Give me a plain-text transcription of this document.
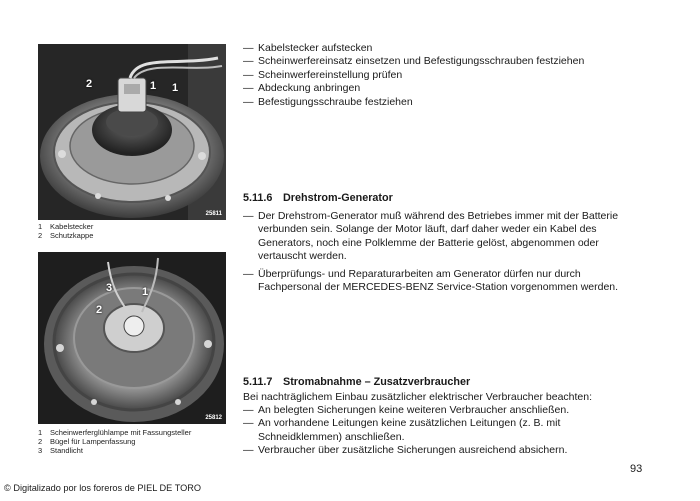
2	1 1
25811
1 Kabelstecker
2 Schutzkappe
3	1
2
25812
1 Scheinwerferglühlampe mit Fassungsteller
2 Bügel für Lampenfassung
3 Standlicht
— Kabelstecker aufstecken
— Scheinwerfereinsatz einsetzen und Befestigungsschrauben festziehen
— Scheinwerfereinstellung prüfen
— Abdeckung anbringen
— Befestigungsschraube festziehen
5.11.6 Drehstrom-Generator
— Der Drehstrom-Generator muß während des Betriebes immer mit der Batterie
verbunden sein. Solange der Motor läuft, darf daher weder ein Kabel des
Generators, noch eine Polklemme der Batterie gelöst, abgenommen oder
vertauscht werden.
— Überprüfungs- und Reparaturarbeiten am Generator dürfen nur durch
Fachpersonal der MERCEDES-BENZ Service-Station vorgenommen werden.
5.11.7 Stromabnahme – Zusatzverbraucher
Bei nachträglichem Einbau zusätzlicher elektrischer Verbraucher beachten:
— An belegten Sicherungen keine weiteren Verbraucher anschließen.
— An vorhandene Leitungen keine zusätzlichen Leitungen (z. B. mit
Schneidklemmen) anschließen.
— Verbraucher über zusätzliche Sicherungen ausreichend absichern.
93
© Digitalizado por los foreros de PIEL DE TORO
